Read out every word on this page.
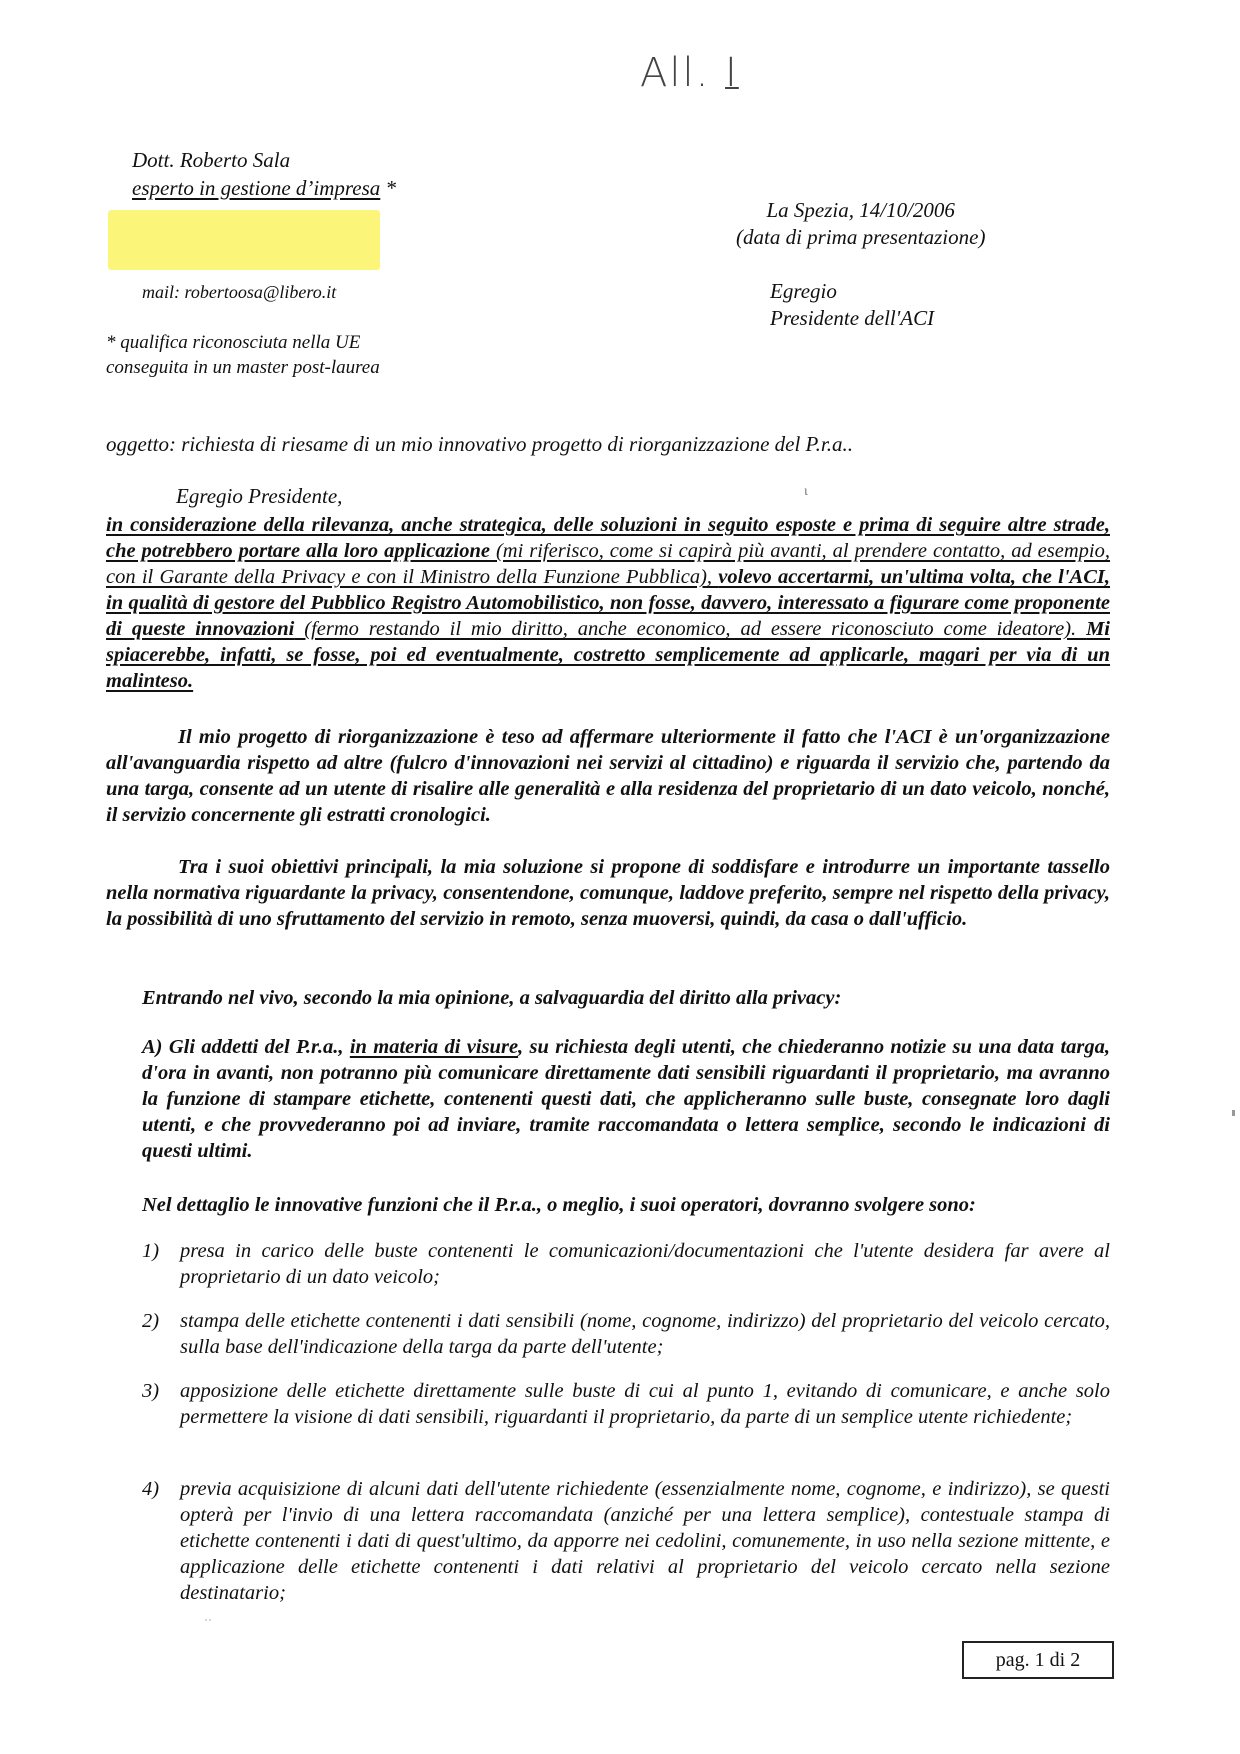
All. I
Dott. Roberto Sala
esperto in gestione d’impresa *
mail: robertoosa@libero.it
* qualifica riconosciuta nella UE
conseguita in un master post-laurea
La Spezia, 14/10/2006
(data di prima presentazione)
Egregio
Presidente dell'ACI
oggetto: richiesta di riesame di un mio innovativo progetto di riorganizzazione del P.r.a..
Egregio Presidente,	ι
in considerazione della rilevanza, anche strategica, delle soluzioni in seguito esposte e prima di seguire altre strade, che potrebbero portare alla loro applicazione (mi riferisco, come si capirà più avanti, al prendere contatto, ad esempio, con il Garante della Privacy e con il Ministro della Funzione Pubblica), volevo accertarmi, un'ultima volta, che l'ACI, in qualità di gestore del Pubblico Registro Automobilistico, non fosse, davvero, interessato a figurare come proponente di queste innovazioni (fermo restando il mio diritto, anche economico, ad essere riconosciuto come ideatore). Mi spiacerebbe, infatti, se fosse, poi ed eventualmente, costretto semplicemente ad applicarle, magari per via di un malinteso.
Il mio progetto di riorganizzazione è teso ad affermare ulteriormente il fatto che l'ACI è un'organizzazione all'avanguardia rispetto ad altre (fulcro d'innovazioni nei servizi al cittadino) e riguarda il servizio che, partendo da una targa, consente ad un utente di risalire alle generalità e alla residenza del proprietario di un dato veicolo, nonché, il servizio concernente gli estratti cronologici.
Tra i suoi obiettivi principali, la mia soluzione si propone di soddisfare e introdurre un importante tassello nella normativa riguardante la privacy, consentendone, comunque, laddove preferito, sempre nel rispetto della privacy, la possibilità di uno sfruttamento del servizio in remoto, senza muoversi, quindi, da casa o dall'ufficio.
Entrando nel vivo, secondo la mia opinione, a salvaguardia del diritto alla privacy:
A) Gli addetti del P.r.a., in materia di visure, su richiesta degli utenti, che chiederanno notizie su una data targa, d'ora in avanti, non potranno più comunicare direttamente dati sensibili riguardanti il proprietario, ma avranno la funzione di stampare etichette, contenenti questi dati, che applicheranno sulle buste, consegnate loro dagli utenti, e che provvederanno poi ad inviare, tramite raccomandata o lettera semplice, secondo le indicazioni di questi ultimi.
Nel dettaglio le innovative funzioni che il P.r.a., o meglio, i suoi operatori, dovranno svolgere sono:
1) presa in carico delle buste contenenti le comunicazioni/documentazioni che l'utente desidera far avere al proprietario di un dato veicolo;
2) stampa delle etichette contenenti i dati sensibili (nome, cognome, indirizzo) del proprietario del veicolo cercato, sulla base dell'indicazione della targa da parte dell'utente;
3) apposizione delle etichette direttamente sulle buste di cui al punto 1, evitando di comunicare, e anche solo permettere la visione di dati sensibili, riguardanti il proprietario, da parte di un semplice utente richiedente;
4) previa acquisizione di alcuni dati dell'utente richiedente (essenzialmente nome, cognome, e indirizzo), se questi opterà per l'invio di una lettera raccomandata (anziché per una lettera semplice), contestuale stampa di etichette contenenti i dati di quest'ultimo, da apporre nei cedolini, comunemente, in uso nella sezione mittente, e applicazione delle etichette contenenti i dati relativi al proprietario del veicolo cercato nella sezione destinatario;
˙˙
pag. 1 di 2
